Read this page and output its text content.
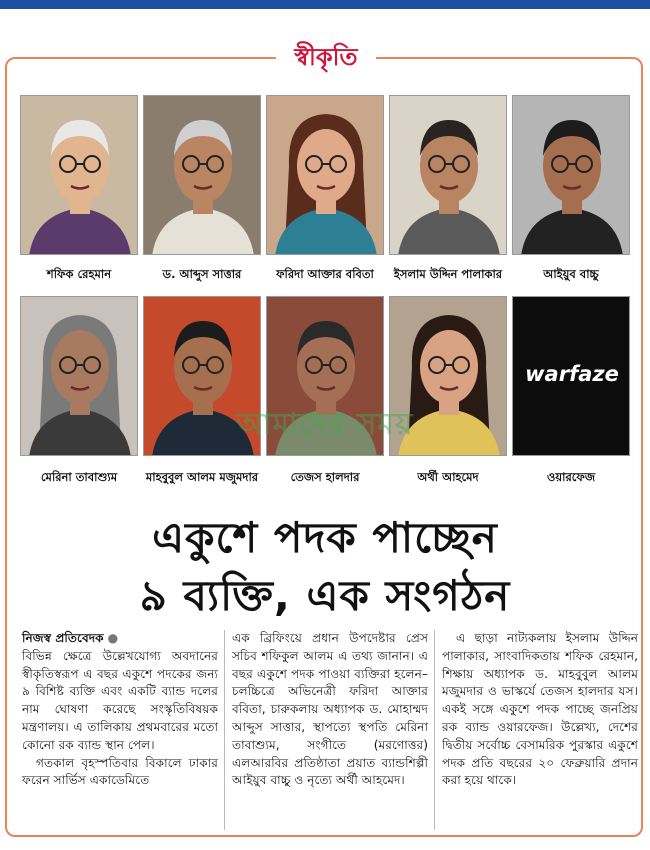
স্বীকৃতি
শফিক রেহমান	ড. আব্দুস সাত্তার	ফরিদা আক্তার ববিতা	ইসলাম উদ্দিন পালাকার	আইয়ুব বাচ্চু
মেরিনা তাবাশ্যুম	মাহবুবুল আলম মজুমদার	তেজস হালদার	অর্থী আহমেদ
warfaze
ওয়ারফেজ
আমাদের সময়
একুশে পদক পাচ্ছেন
৯ ব্যক্তি, এক সংগঠন

নিজস্ব প্রতিবেদক ●

বিভিন্ন ক্ষেত্রে উল্লেখযোগ্য অবদানের স্বীকৃতিস্বরূপ এ বছর একুশে পদকের জন্য ৯ বিশিষ্ট ব্যক্তি এবং একটি ব্যান্ড দলের নাম ঘোষণা করেছে সংস্কৃতিবিষয়ক মন্ত্রণালয়। এ তালিকায় প্রথমবারের মতো কোনো রক ব্যান্ড স্থান পেল।

গতকাল বৃহস্পতিবার বিকালে ঢাকার ফরেন সার্ভিস একাডেমিতে

এক ব্রিফিংয়ে প্রধান উপদেষ্টার প্রেস সচিব শফিকুল আলম এ তথ্য জানান। এ বছর একুশে পদক পাওয়া ব্যক্তিরা হলেন– চলচ্চিত্রে অভিনেত্রী ফরিদা আক্তার ববিতা, চারুকলায় অধ্যাপক ড. মোহাম্মদ আব্দুস সাত্তার, স্থাপত্যে স্থপতি মেরিনা তাবাশ্যুম, সংগীতে (মরণোত্তর) এলআরবির প্রতিষ্ঠাতা প্রয়াত ব্যান্ডশিল্পী আইয়ুব বাচ্চু ও নৃত্যে অর্থী আহমেদ।

এ ছাড়া নাট্যকলায় ইসলাম উদ্দিন পালাকার, সাংবাদিকতায় শফিক রেহমান, শিক্ষায় অধ্যাপক ড. মাহবুবুল আলম মজুমদার ও ভাস্কর্যে তেজস হালদার যস। একই সঙ্গে একুশে পদক পাচ্ছে জনপ্রিয় রক ব্যান্ড ওয়ারফেজ। উল্লেখ্য, দেশের দ্বিতীয় সর্বোচ্চ বেসামরিক পুরস্কার একুশে পদক প্রতি বছরের ২০ ফেব্রুয়ারি প্রদান করা হয়ে থাকে।
